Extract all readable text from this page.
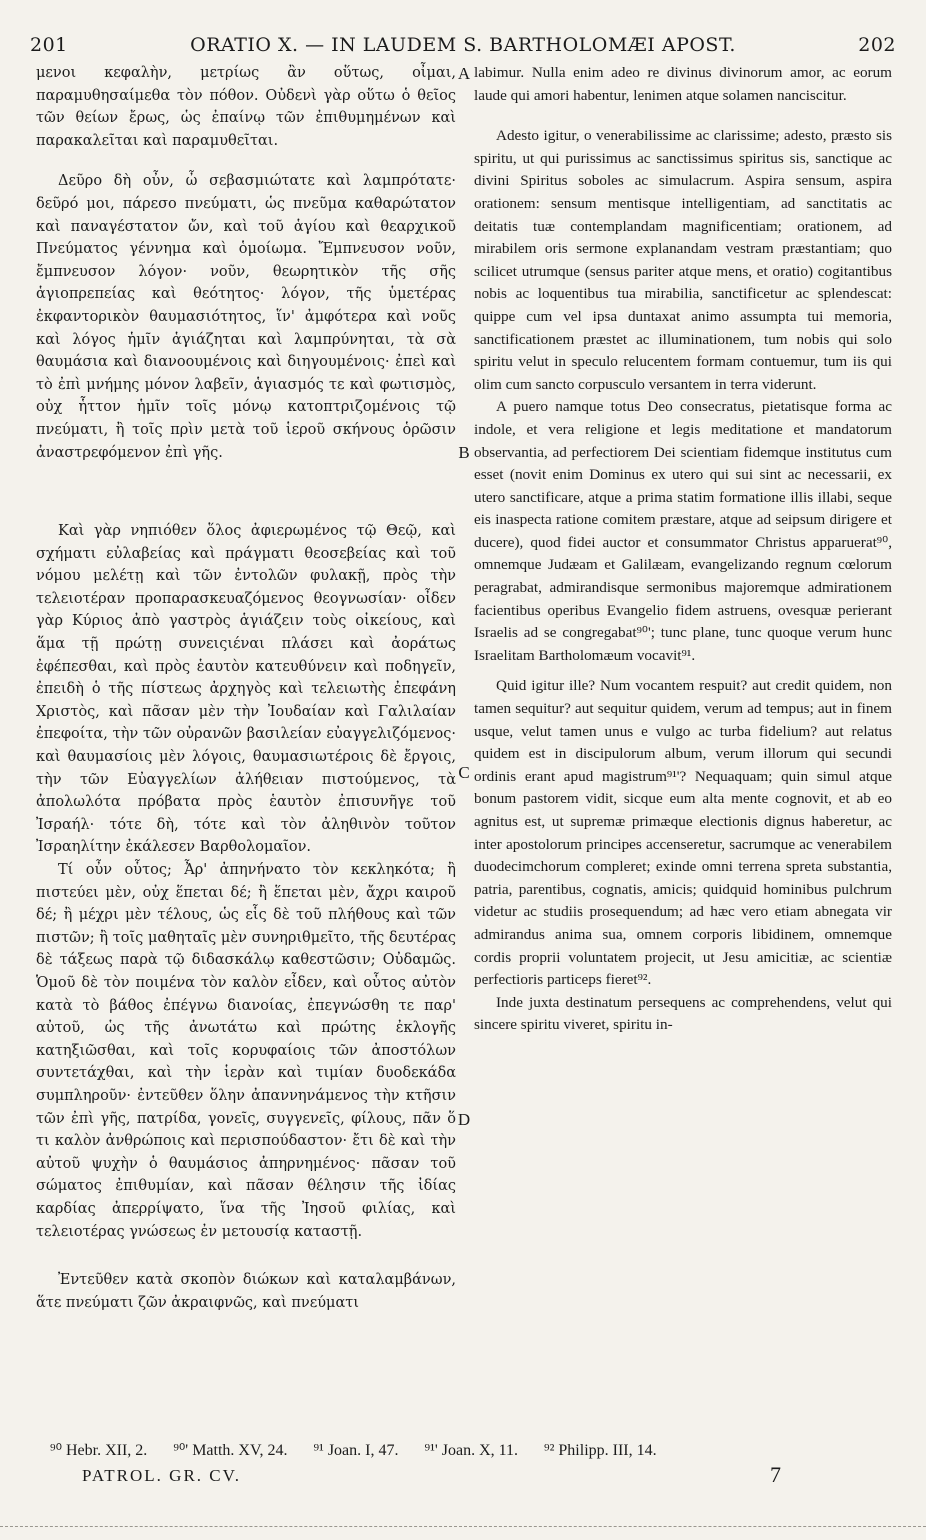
201	ORATIO X. — IN LAUDEM S. BARTHOLOMÆI APOST.	202

μενοι κεφαλὴν, μετρίως ἂν οὕτως, οἶμαι, παραμυθησαίμεθα τὸν πόθον. Οὐδενὶ γὰρ οὕτω ὁ θεῖος τῶν θείων ἔρως, ὡς ἐπαίνῳ τῶν ἐπιθυμημένων καὶ παρακαλεῖται καὶ παραμυθεῖται.

Δεῦρο δὴ οὖν, ὦ σεβασμιώτατε καὶ λαμπρότατε· δεῦρό μοι, πάρεσο πνεύματι, ὡς πνεῦμα καθαρώτατον καὶ παναγέστατον ὤν, καὶ τοῦ ἁγίου καὶ θεαρχικοῦ Πνεύματος γέννημα καὶ ὁμοίωμα. Ἔμπνευσον νοῦν, ἔμπνευσον λόγον· νοῦν, θεωρητικὸν τῆς σῆς ἁγιοπρεπείας καὶ θεότητος· λόγον, τῆς ὑμετέρας ἐκφαντορικὸν θαυμασιότητος, ἵν' ἀμφότερα καὶ νοῦς καὶ λόγος ἡμῖν ἁγιάζηται καὶ λαμπρύνηται, τὰ σὰ θαυμάσια καὶ διανοουμένοις καὶ διηγουμένοις· ἐπεὶ καὶ τὸ ἐπὶ μνήμης μόνον λαβεῖν, ἁγιασμός τε καὶ φωτισμὸς, οὐχ ἧττον ἡμῖν τοῖς μόνῳ κατοπτριζομένοις τῷ πνεύματι, ἢ τοῖς πρὶν μετὰ τοῦ ἱεροῦ σκήνους ὁρῶσιν ἀναστρεφόμενον ἐπὶ γῆς.

Καὶ γὰρ νηπιόθεν ὅλος ἀφιερωμένος τῷ Θεῷ, καὶ σχήματι εὐλαβείας καὶ πράγματι θεοσεβείας καὶ τοῦ νόμου μελέτῃ καὶ τῶν ἐντολῶν φυλακῇ, πρὸς τὴν τελειοτέραν προπαρασκευαζόμενος θεογνωσίαν· οἶδεν γὰρ Κύριος ἀπὸ γαστρὸς ἁγιάζειν τοὺς οἰκείους, καὶ ἅμα τῇ πρώτῃ συνειςιέναι πλάσει καὶ ἀοράτως ἐφέπεσθαι, καὶ πρὸς ἑαυτὸν κατευθύνειν καὶ ποδηγεῖν, ἐπειδὴ ὁ τῆς πίστεως ἀρχηγὸς καὶ τελειωτὴς ἐπεφάνη Χριστὸς, καὶ πᾶσαν μὲν τὴν Ἰουδαίαν καὶ Γαλιλαίαν ἐπεφοίτα, τὴν τῶν οὐρανῶν βασιλείαν εὐαγγελιζόμενος· καὶ θαυμασίοις μὲν λόγοις, θαυμασιωτέροις δὲ ἔργοις, τὴν τῶν Εὐαγγελίων ἀλήθειαν πιστούμενος, τὰ ἀπολωλότα πρόβατα πρὸς ἑαυτὸν ἐπισυνῆγε τοῦ Ἰσραήλ· τότε δὴ, τότε καὶ τὸν ἀληθινὸν τοῦτον Ἰσραηλίτην ἐκάλεσεν Βαρθολομαῖον.

Τί οὖν οὗτος; Ἆρ' ἀπηνήνατο τὸν κεκληκότα; ἢ πιστεύει μὲν, οὐχ ἕπεται δέ; ἢ ἕπεται μὲν, ἄχρι καιροῦ δέ; ἢ μέχρι μὲν τέλους, ὡς εἷς δὲ τοῦ πλήθους καὶ τῶν πιστῶν; ἢ τοῖς μαθηταῖς μὲν συνηριθμεῖτο, τῆς δευτέρας δὲ τάξεως παρὰ τῷ διδασκάλῳ καθεστῶσιν; Οὐδαμῶς. Ὁμοῦ δὲ τὸν ποιμένα τὸν καλὸν εἶδεν, καὶ οὗτος αὐτὸν κατὰ τὸ βάθος ἐπέγνω διανοίας, ἐπεγνώσθη τε παρ' αὐτοῦ, ὡς τῆς ἀνωτάτω καὶ πρώτης ἐκλογῆς κατηξιῶσθαι, καὶ τοῖς κορυφαίοις τῶν ἀποστόλων συντετάχθαι, καὶ τὴν ἱερὰν καὶ τιμίαν δυοδεκάδα συμπληροῦν· ἐντεῦθεν ὅλην ἀπαννηνάμενος τὴν κτῆσιν τῶν ἐπὶ γῆς, πατρίδα, γονεῖς, συγγενεῖς, φίλους, πᾶν ὅ τι καλὸν ἀνθρώποις καὶ περισπούδαστον· ἔτι δὲ καὶ τὴν αὐτοῦ ψυχὴν ὁ θαυμάσιος ἀπηρνημένος· πᾶσαν τοῦ σώματος ἐπιθυμίαν, καὶ πᾶσαν θέλησιν τῆς ἰδίας καρδίας ἀπερρίψατο, ἵνα τῆς Ἰησοῦ φιλίας, καὶ τελειοτέρας γνώσεως ἐν μετουσίᾳ καταστῇ.

Ἐντεῦθεν κατὰ σκοπὸν διώκων καὶ καταλαμβάνων, ἅτε πνεύματι ζῶν ἀκραιφνῶς, καὶ πνεύματι

labimur. Nulla enim adeo re divinus divinorum amor, ac eorum laude qui amori habentur, lenimen atque solamen nanciscitur.

Adesto igitur, o venerabilissime ac clarissime; adesto, præsto sis spiritu, ut qui purissimus ac sanctissimus spiritus sis, sanctique ac divini Spiritus soboles ac simulacrum. Aspira sensum, aspira orationem: sensum mentisque intelligentiam, ad sanctitatis ac deitatis tuæ contemplandam magnificentiam; orationem, ad mirabilem oris sermone explanandam vestram præstantiam; quo scilicet utrumque (sensus pariter atque mens, et oratio) cogitantibus nobis ac loquentibus tua mirabilia, sanctificetur ac splendescat: quippe cum vel ipsa duntaxat animo assumpta tui memoria, sanctificationem præstet ac illuminationem, tum nobis qui solo spiritu velut in speculo relucentem formam contuemur, tum iis qui olim cum sancto corpusculo versantem in terra viderunt.

A puero namque totus Deo consecratus, pietatisque forma ac indole, et vera religione et legis meditatione et mandatorum observantia, ad perfectiorem Dei scientiam fidemque institutus cum esset (novit enim Dominus ex utero qui sui sint ac necessarii, ex utero sanctificare, atque a prima statim formatione illis illabi, seque eis inaspecta ratione comitem præstare, atque ad seipsum dirigere et ducere), quod fidei auctor et consummator Christus apparuerat⁹⁰, omnemque Judæam et Galilæam, evangelizando regnum cœlorum peragrabat, admirandisque sermonibus majoremque admirationem facientibus operibus Evangelio fidem astruens, ovesquæ perierant Israelis ad se congregabat⁹⁰'; tunc plane, tunc quoque verum hunc Israelitam Bartholomæum vocavit⁹¹.

Quid igitur ille? Num vocantem respuit? aut credit quidem, non tamen sequitur? aut sequitur quidem, verum ad tempus; aut in finem usque, velut tamen unus e vulgo ac turba fidelium? aut relatus quidem est in discipulorum album, verum illorum qui secundi ordinis erant apud magistrum⁹¹'? Nequaquam; quin simul atque bonum pastorem vidit, sicque eum alta mente cognovit, et ab eo agnitus est, ut supremæ primæque electionis dignus haberetur, ac inter apostolorum principes accenseretur, sacrumque ac venerabilem duodecimchorum compleret; exinde omni terrena spreta substantia, patria, parentibus, cognatis, amicis; quidquid hominibus pulchrum videtur ac studiis prosequendum; ad hæc vero etiam abnegata vir admirandus anima sua, omnem corporis libidinem, omnemque cordis proprii voluntatem projecit, ut Jesu amicitiæ, ac scientiæ perfectioris particeps fieret⁹².

Inde juxta destinatum persequens ac comprehendens, velut qui sincere spiritu viveret, spiritu in-

A
B
C
D
⁹⁰ Hebr. XII, 2. ⁹⁰' Matth. XV, 24. ⁹¹ Joan. I, 47. ⁹¹' Joan. X, 11. ⁹² Philipp. III, 14.
PATROL. GR. CV.	7
